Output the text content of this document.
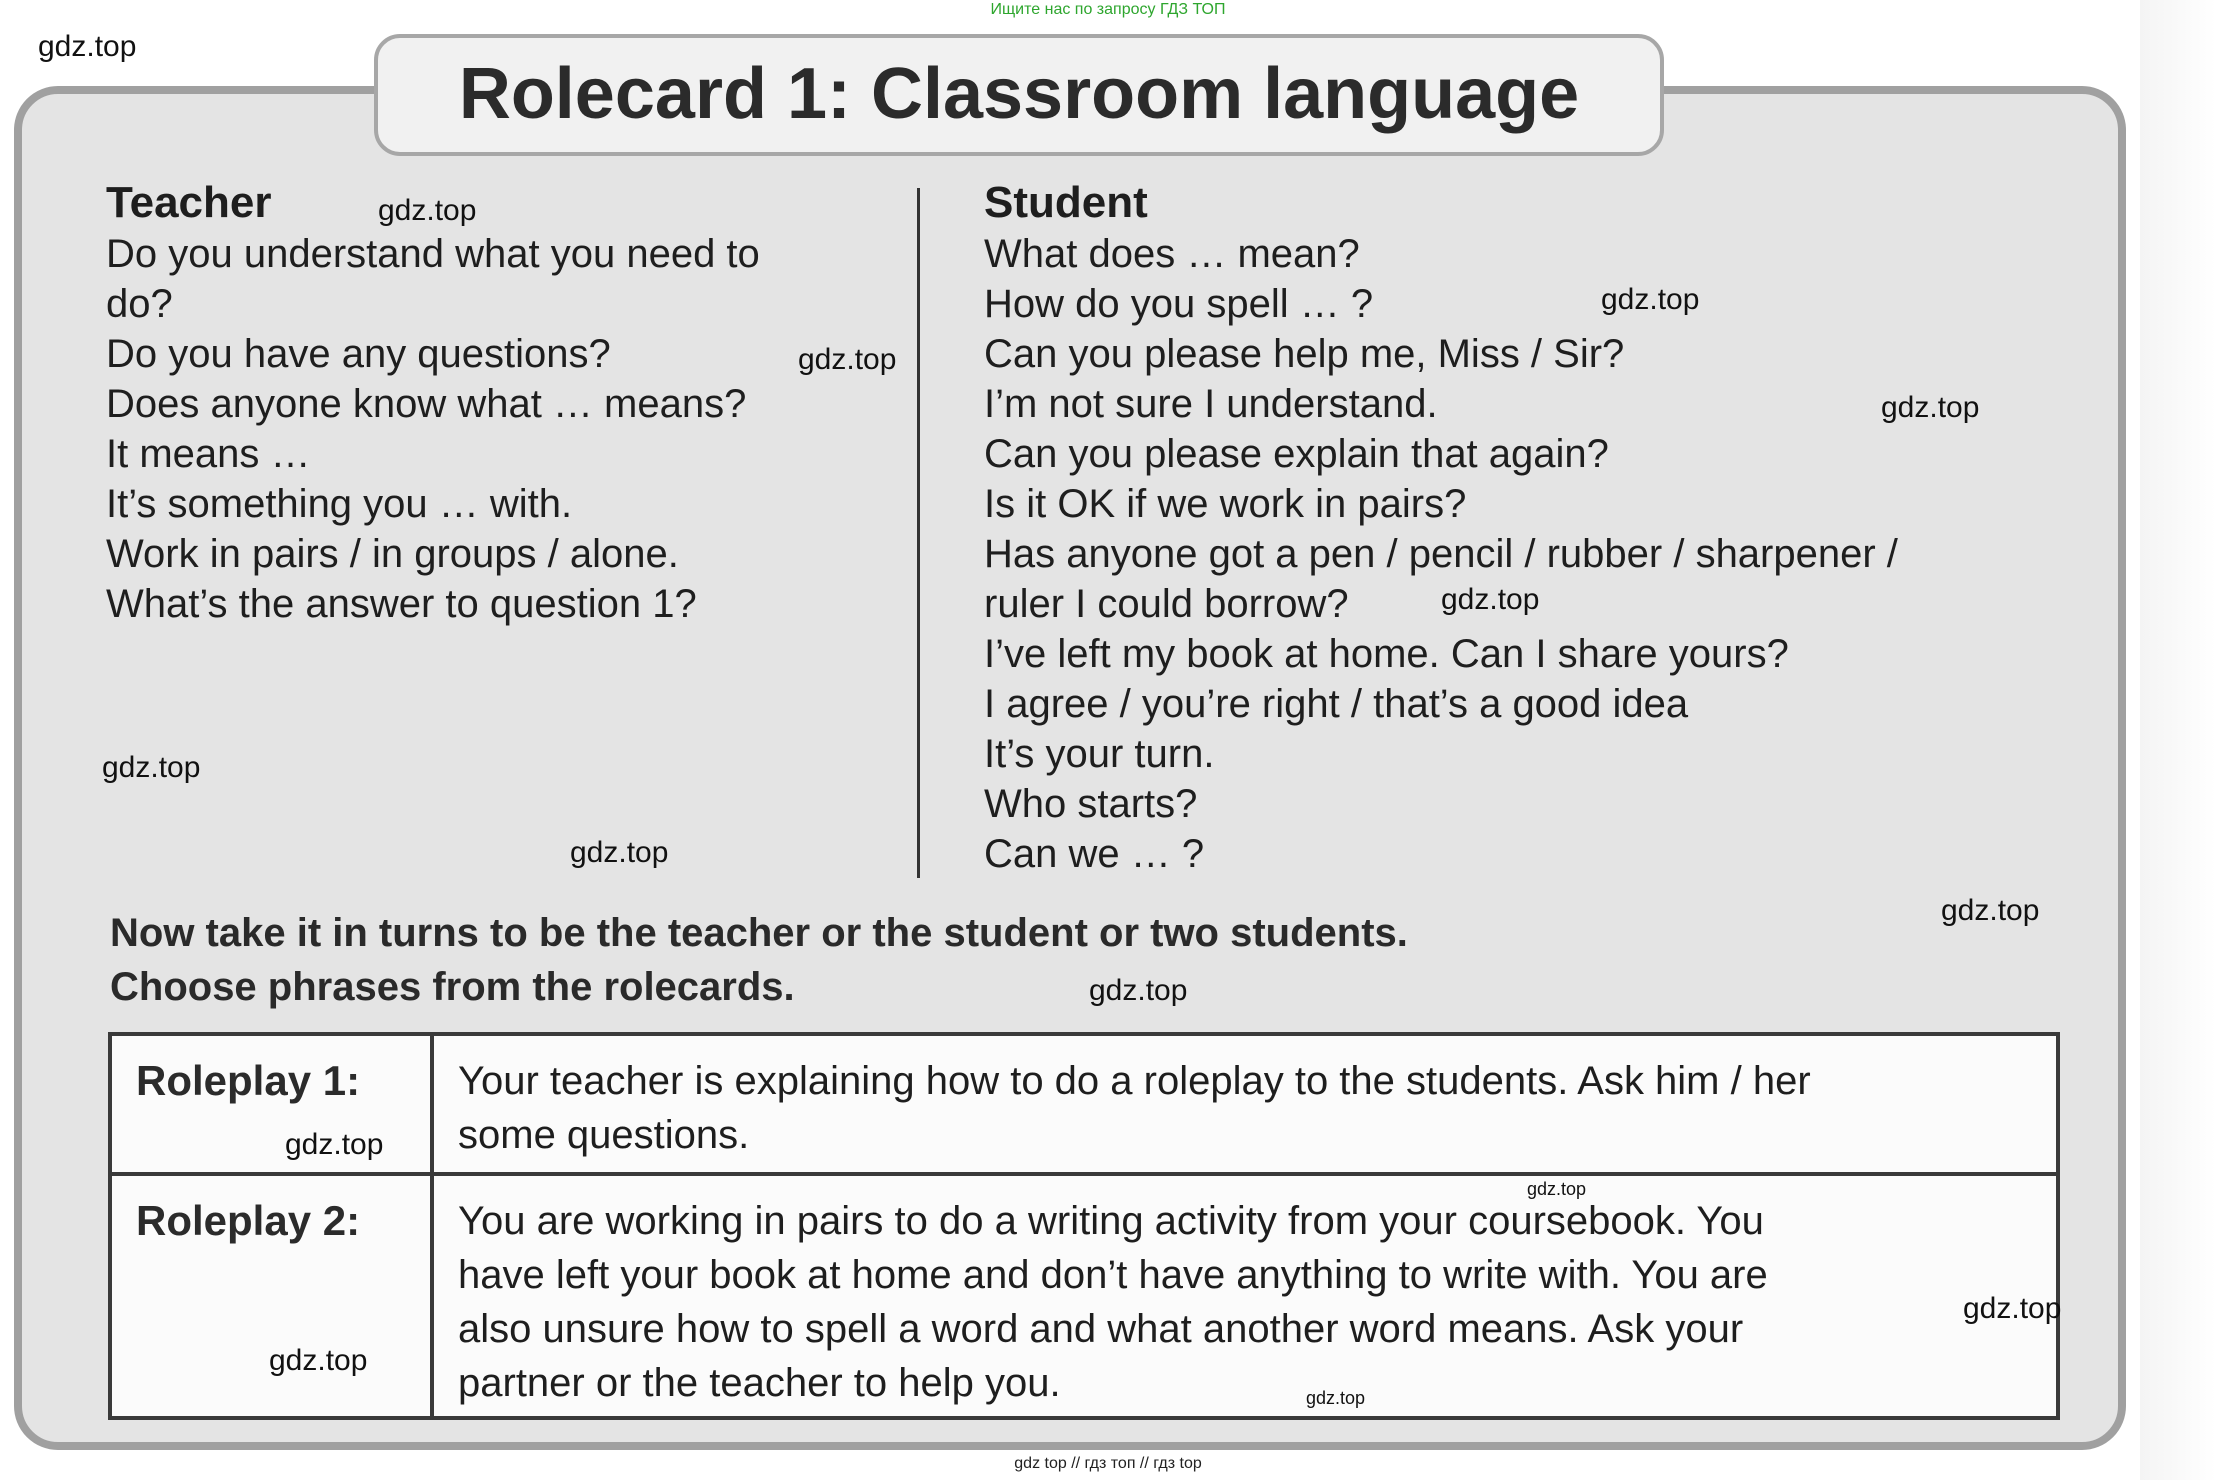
Ищите нас по запросу ГДЗ ТОП
Rolecard 1: Classroom language
Teacher
Do you understand what you need to
do?
Do you have any questions?
Does anyone know what … means?
It means …
It’s something you … with.
Work in pairs / in groups / alone.
What’s the answer to question 1?
Student
What does … mean?
How do you spell … ?
Can you please help me, Miss / Sir?
I’m not sure I understand.
Can you please explain that again?
Is it OK if we work in pairs?
Has anyone got a pen / pencil / rubber / sharpener /
ruler I could borrow?
I’ve left my book at home. Can I share yours?
I agree / you’re right / that’s a good idea
It’s your turn.
Who starts?
Can we … ?
Now take it in turns to be the teacher or the student or two students.
Choose phrases from the rolecards.
Roleplay 1: Your teacher is explaining how to do a roleplay to the students. Ask him / her
some questions.
Roleplay 2: You are working in pairs to do a writing activity from your coursebook. You
have left your book at home and don’t have anything to write with. You are
also unsure how to spell a word and what another word means. Ask your
partner or the teacher to help you.
gdz.top
gdz.top
gdz.top
gdz.top
gdz.top
gdz.top
gdz.top
gdz.top
gdz.top
gdz.top
gdz.top
gdz.top
gdz.top
gdz.top
gdz.top
gdz top // гдз топ // гдз top
